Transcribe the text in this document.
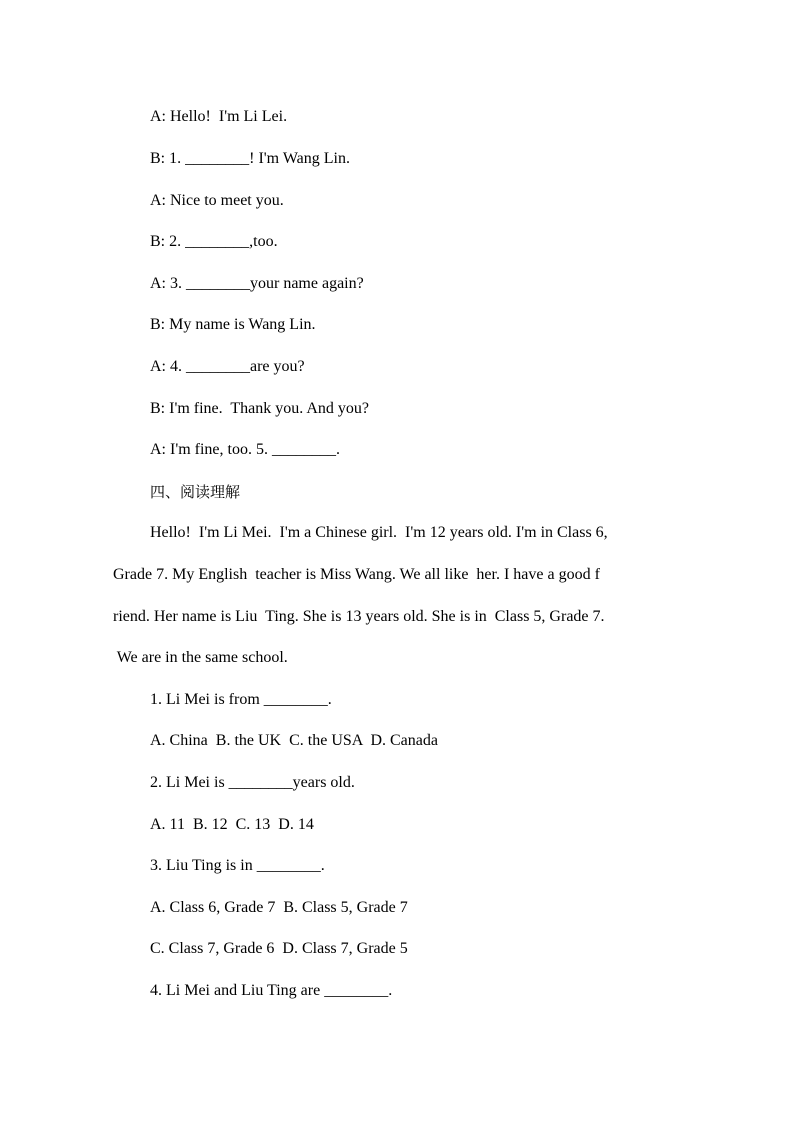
A: Hello!  I'm Li Lei.
B: 1. ________! I'm Wang Lin.
A: Nice to meet you.
B: 2. ________,too.
A: 3. ________your name again?
B: My name is Wang Lin.
A: 4. ________are you?
B: I'm fine.  Thank you. And you?
A: I'm fine, too. 5. ________.
四、阅读理解
Hello!  I'm Li Mei.  I'm a Chinese girl.  I'm 12 years old. I'm in Class 6,
Grade 7. My English  teacher is Miss Wang. We all like  her. I have a good f
riend. Her name is Liu  Ting. She is 13 years old. She is in  Class 5, Grade 7.
We are in the same school.
1. Li Mei is from ________.
A. China  B. the UK  C. the USA  D. Canada
2. Li Mei is ________years old.
A. 11  B. 12  C. 13  D. 14
3. Liu Ting is in ________.
A. Class 6, Grade 7  B. Class 5, Grade 7
C. Class 7, Grade 6  D. Class 7, Grade 5
4. Li Mei and Liu Ting are ________.
